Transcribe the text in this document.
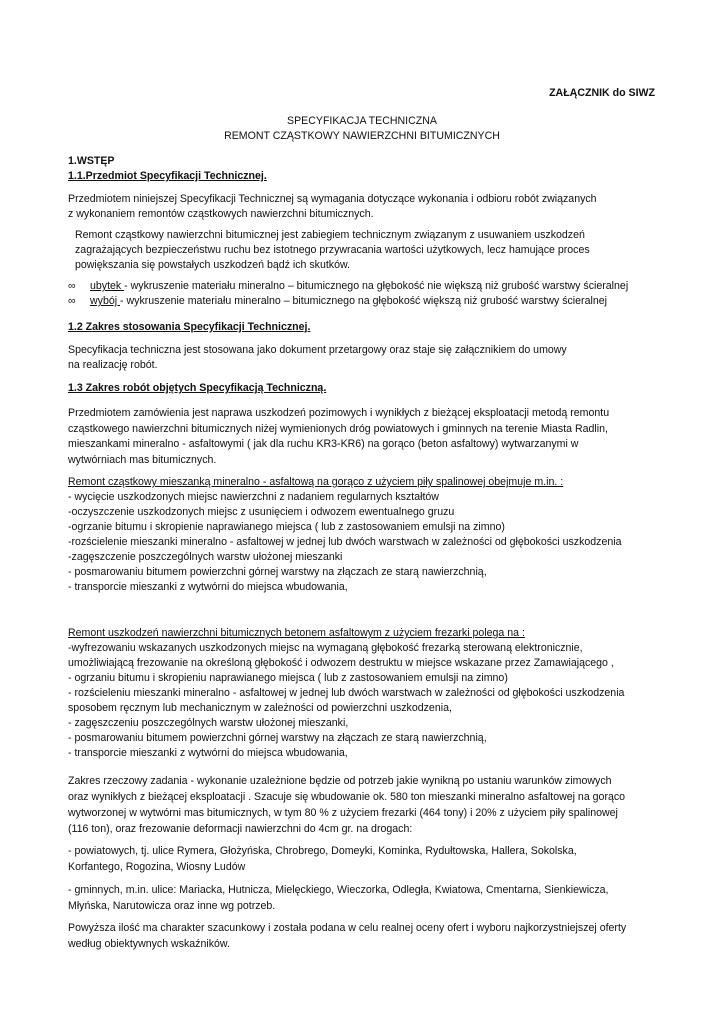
ZAŁĄCZNIK do SIWZ
SPECYFIKACJA TECHNICZNA
REMONT CZĄSTKOWY NAWIERZCHNI BITUMICZNYCH
1.WSTĘP
1.1.Przedmiot Specyfikacji Technicznej.
Przedmiotem niniejszej Specyfikacji Technicznej są wymagania dotyczące wykonania i odbioru robót związanych
z wykonaniem remontów cząstkowych nawierzchni bitumicznych.
Remont cząstkowy nawierzchni bitumicznej jest zabiegiem technicznym związanym z usuwaniem uszkodzeń
zagrażających bezpieczeństwu ruchu bez istotnego przywracania wartości użytkowych, lecz hamujące proces
powiększania się powstałych uszkodzeń bądź ich skutków.
∞ ubytek - wykruszenie materiału mineralno – bitumicznego na głębokość nie większą niż grubość warstwy ścieralnej
∞ wybój - wykruszenie materiału mineralno – bitumicznego na głębokość większą niż grubość warstwy ścieralnej
1.2 Zakres stosowania Specyfikacji Technicznej.
Specyfikacja techniczna jest stosowana jako dokument przetargowy oraz staje się załącznikiem do umowy
na realizację robót.
1.3 Zakres robót objętych Specyfikacją Techniczną.
Przedmiotem zamówienia jest naprawa uszkodzeń pozimowych i wynikłych z bieżącej eksploatacji metodą remontu
cząstkowego nawierzchni bitumicznych niżej wymienionych dróg powiatowych i gminnych na terenie Miasta Radlin,
mieszankami mineralno - asfaltowymi ( jak dla ruchu KR3-KR6) na gorąco (beton asfaltowy) wytwarzanymi w
wytwórniach mas bitumicznych.
Remont cząstkowy mieszanką mineralno - asfaltową na gorąco z użyciem piły spalinowej obejmuje m.in. :
- wycięcie uszkodzonych miejsc nawierzchni z nadaniem regularnych kształtów
-oczyszczenie uszkodzonych miejsc z usunięciem i odwozem ewentualnego gruzu
-ogrzanie bitumu i skropienie naprawianego miejsca ( lub z zastosowaniem emulsji na zimno)
-rozścielenie mieszanki mineralno - asfaltowej w jednej lub dwóch warstwach w zależności od głębokości uszkodzenia
-zagęszczenie poszczególnych warstw ułożonej mieszanki
- posmarowaniu bitumem powierzchni górnej warstwy na złączach ze starą nawierzchnią,
- transporcie mieszanki z wytwórni do miejsca wbudowania,
Remont uszkodzeń nawierzchni bitumicznych betonem asfaltowym z użyciem frezarki polega na :
-wyfrezowaniu wskazanych uszkodzonych miejsc na wymaganą głębokość frezarką sterowaną elektronicznie,
umożliwiającą frezowanie na określoną głębokość i odwozem destruktu w miejsce wskazane przez Zamawiającego ,
- ogrzaniu bitumu i skropieniu naprawianego miejsca ( lub z zastosowaniem emulsji na zimno)
- rozścieleniu mieszanki mineralno - asfaltowej w jednej lub dwóch warstwach w zależności od głębokości uszkodzenia
sposobem ręcznym lub mechanicznym w zależności od powierzchni uszkodzenia,
- zagęszczeniu poszczególnych warstw ułożonej mieszanki,
- posmarowaniu bitumem powierzchni górnej warstwy na złączach ze starą nawierzchnią,
- transporcie mieszanki z wytwórni do miejsca wbudowania,
Zakres rzeczowy zadania - wykonanie uzależnione będzie od potrzeb jakie wynikną po ustaniu warunków zimowych
oraz wynikłych z bieżącej eksploatacji . Szacuje się wbudowanie ok. 580 ton mieszanki mineralno asfaltowej na gorąco
wytworzonej w wytwórni mas bitumicznych, w tym 80 % z użyciem frezarki (464 tony) i 20% z użyciem piły spalinowej
(116 ton), oraz frezowanie deformacji nawierzchni do 4cm gr. na drogach:
- powiatowych, tj. ulice Rymera, Głożyńska, Chrobrego, Domeyki, Kominka, Rydułtowska, Hallera, Sokolska,
Korfantego, Rogozina, Wiosny Ludów
- gminnych, m.in. ulice: Mariacka, Hutnicza, Mielęckiego, Wieczorka, Odległa, Kwiatowa, Cmentarna, Sienkiewicza,
Młyńska, Narutowicza oraz inne wg potrzeb.
Powyższa ilość ma charakter szacunkowy i została podana w celu realnej oceny ofert i wyboru najkorzystniejszej oferty
według obiektywnych wskaźników.
